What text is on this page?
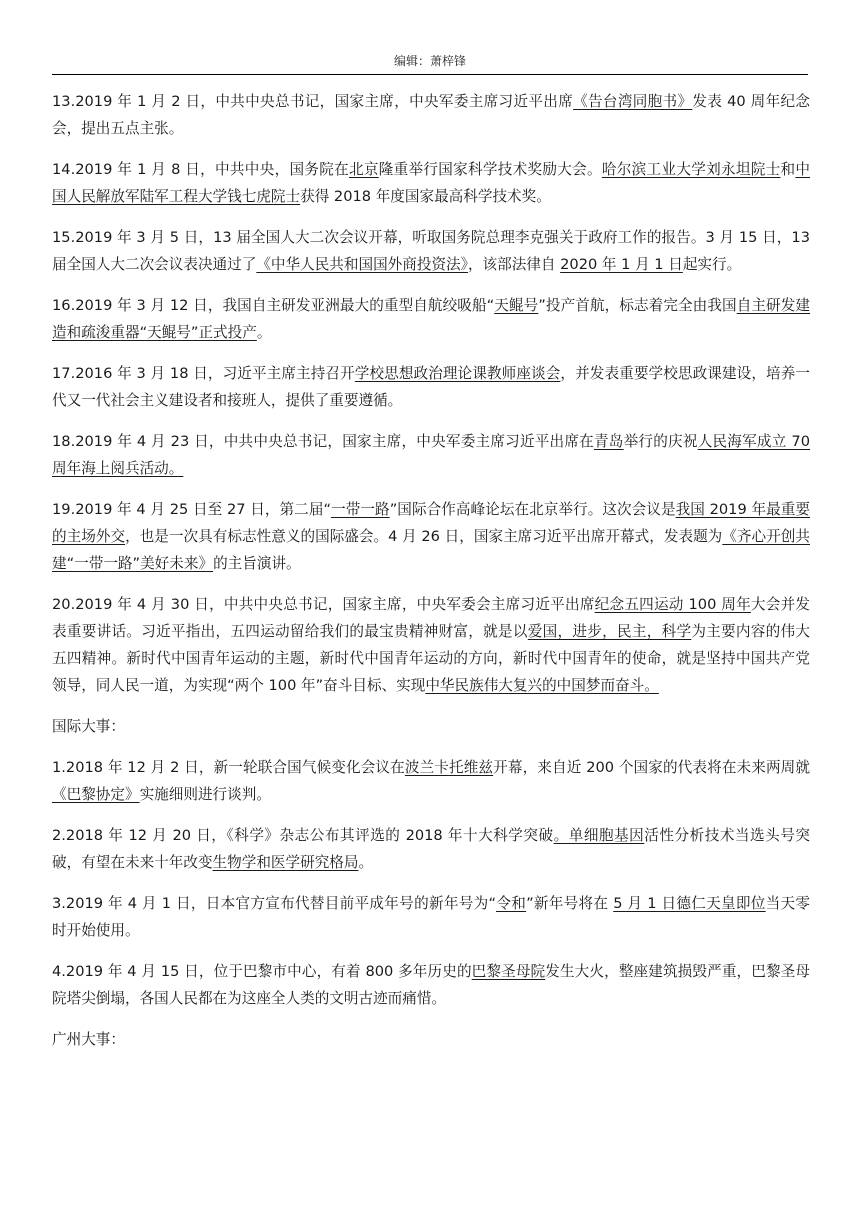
编辑：萧梓锋

13.2019 年 1 月 2 日，中共中央总书记，国家主席，中央军委主席习近平出席《告台湾同胞书》发表 40 周年纪念会，提出五点主张。

14.2019 年 1 月 8 日，中共中央，国务院在北京隆重举行国家科学技术奖励大会。哈尔滨工业大学刘永坦院士和中国人民解放军陆军工程大学钱七虎院士获得 2018 年度国家最高科学技术奖。

15.2019 年 3 月 5 日，13 届全国人大二次会议开幕，听取国务院总理李克强关于政府工作的报告。3 月 15 日，13 届全国人大二次会议表决通过了《中华人民共和国国外商投资法》，该部法律自 2020 年 1 月 1 日起实行。

16.2019 年 3 月 12 日，我国自主研发亚洲最大的重型自航绞吸船“天鲲号”投产首航，标志着完全由我国自主研发建造和疏浚重器“天鲲号”正式投产。

17.2016 年 3 月 18 日，习近平主席主持召开学校思想政治理论课教师座谈会，并发表重要学校思政课建设，培养一代又一代社会主义建设者和接班人，提供了重要遵循。

18.2019 年 4 月 23 日，中共中央总书记，国家主席，中央军委主席习近平出席在青岛举行的庆祝人民海军成立 70 周年海上阅兵活动。

19.2019 年 4 月 25 日至 27 日，第二届“一带一路”国际合作高峰论坛在北京举行。这次会议是我国 2019 年最重要的主场外交，也是一次具有标志性意义的国际盛会。4 月 26 日，国家主席习近平出席开幕式，发表题为《齐心开创共建“一带一路”美好未来》的主旨演讲。

20.2019 年 4 月 30 日，中共中央总书记，国家主席，中央军委会主席习近平出席纪念五四运动 100 周年大会并发表重要讲话。习近平指出，五四运动留给我们的最宝贵精神财富，就是以爱国，进步，民主，科学为主要内容的伟大五四精神。新时代中国青年运动的主题，新时代中国青年运动的方向，新时代中国青年的使命，就是坚持中国共产党领导，同人民一道，为实现“两个 100 年”奋斗目标、实现中华民族伟大复兴的中国梦而奋斗。

国际大事：

1.2018 年 12 月 2 日，新一轮联合国气候变化会议在波兰卡托维兹开幕，来自近 200 个国家的代表将在未来两周就《巴黎协定》实施细则进行谈判。

2.2018 年 12 月 20 日，《科学》杂志公布其评选的 2018 年十大科学突破。单细胞基因活性分析技术当选头号突破，有望在未来十年改变生物学和医学研究格局。

3.2019 年 4 月 1 日，日本官方宣布代替目前平成年号的新年号为“令和”新年号将在 5 月 1 日德仁天皇即位当天零时开始使用。

4.2019 年 4 月 15 日，位于巴黎市中心，有着 800 多年历史的巴黎圣母院发生大火，整座建筑损毁严重，巴黎圣母院塔尖倒塌，各国人民都在为这座全人类的文明古迹而痛惜。

广州大事：
